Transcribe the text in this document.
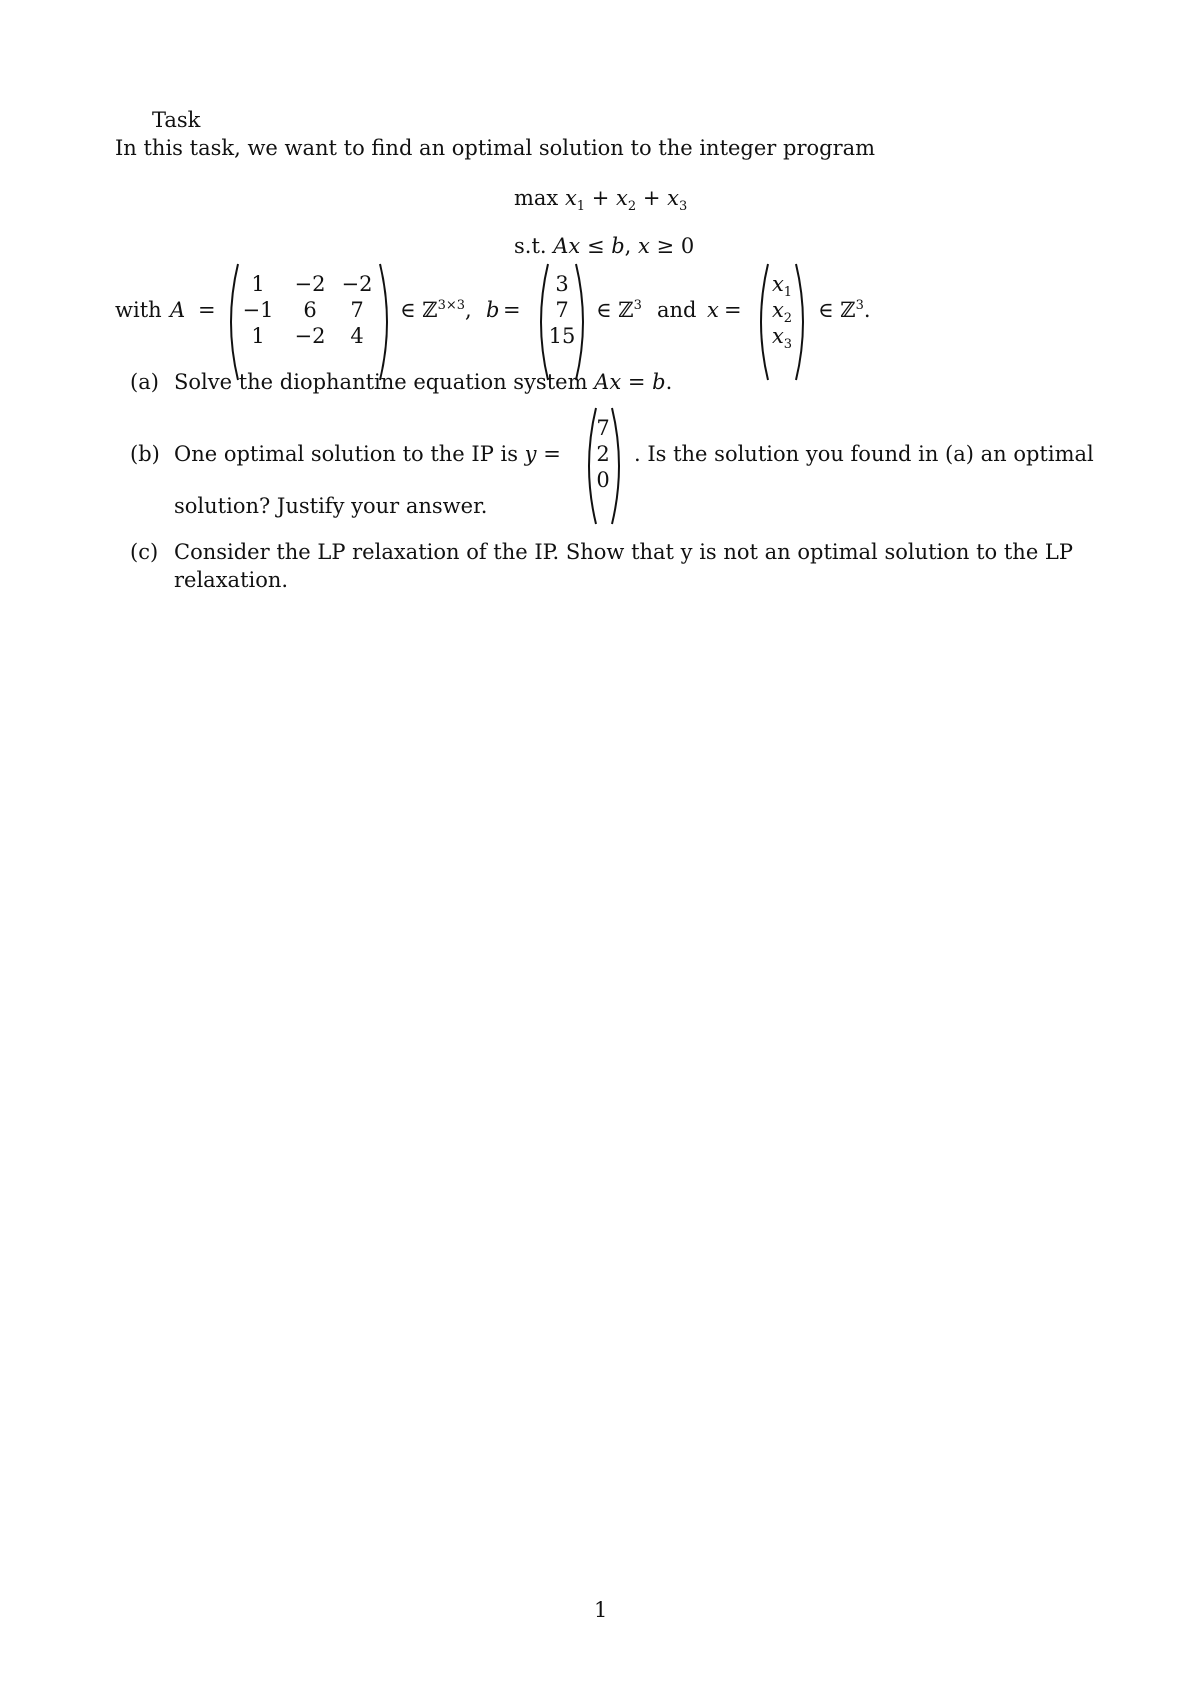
Task
In this task, we want to find an optimal solution to the integer program
$\max x_1 + x_2 + x_3$
s.t. Ax ≤ b, x ≥ 0
with A =
1	−2 −2
−1	6	7
1	−2	4
∈ ℤ$^{3\times 3}$, b =
3
7
15
∈ ℤ$^3$ and x =
$x_1$
$x_2$
$x_3$
∈ ℤ$^3$.
(a) Solve the diophantine equation system Ax = b.
(b) One optimal solution to the IP is y =
7
2
0
. Is the solution you found in (a) an optimal
solution? Justify your answer.
(c) Consider the LP relaxation of the IP. Show that y is not an optimal solution to the LP
relaxation.
1
